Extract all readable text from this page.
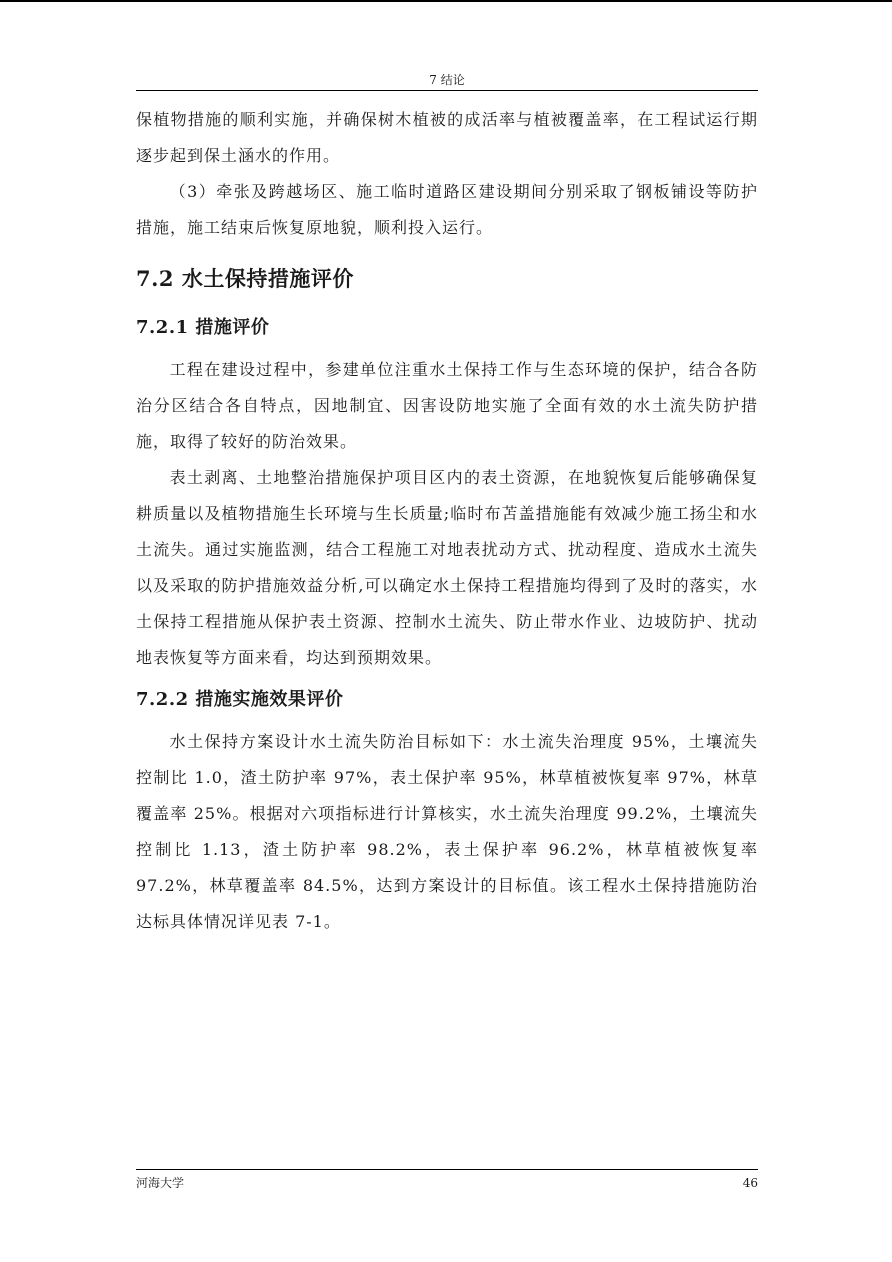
7 结论

保植物措施的顺利实施，并确保树木植被的成活率与植被覆盖率，在工程试运行期逐步起到保土涵水的作用。

（3）牵张及跨越场区、施工临时道路区建设期间分别采取了钢板铺设等防护措施，施工结束后恢复原地貌，顺利投入运行。

7.2 水土保持措施评价
7.2.1 措施评价

工程在建设过程中，参建单位注重水土保持工作与生态环境的保护，结合各防治分区结合各自特点，因地制宜、因害设防地实施了全面有效的水土流失防护措施，取得了较好的防治效果。

表土剥离、土地整治措施保护项目区内的表土资源，在地貌恢复后能够确保复耕质量以及植物措施生长环境与生长质量;临时布苫盖措施能有效减少施工扬尘和水土流失。通过实施监测，结合工程施工对地表扰动方式、扰动程度、造成水土流失以及采取的防护措施效益分析,可以确定水土保持工程措施均得到了及时的落实，水土保持工程措施从保护表土资源、控制水土流失、防止带水作业、边坡防护、扰动地表恢复等方面来看，均达到预期效果。

7.2.2 措施实施效果评价

水土保持方案设计水土流失防治目标如下：水土流失治理度 95%，土壤流失控制比 1.0，渣土防护率 97%，表土保护率 95%，林草植被恢复率 97%，林草覆盖率 25%。根据对六项指标进行计算核实，水土流失治理度 99.2%，土壤流失控制比 1.13，渣土防护率 98.2%，表土保护率 96.2%，林草植被恢复率 97.2%，林草覆盖率 84.5%，达到方案设计的目标值。该工程水土保持措施防治达标具体情况详见表 7-1。

河海大学	46
